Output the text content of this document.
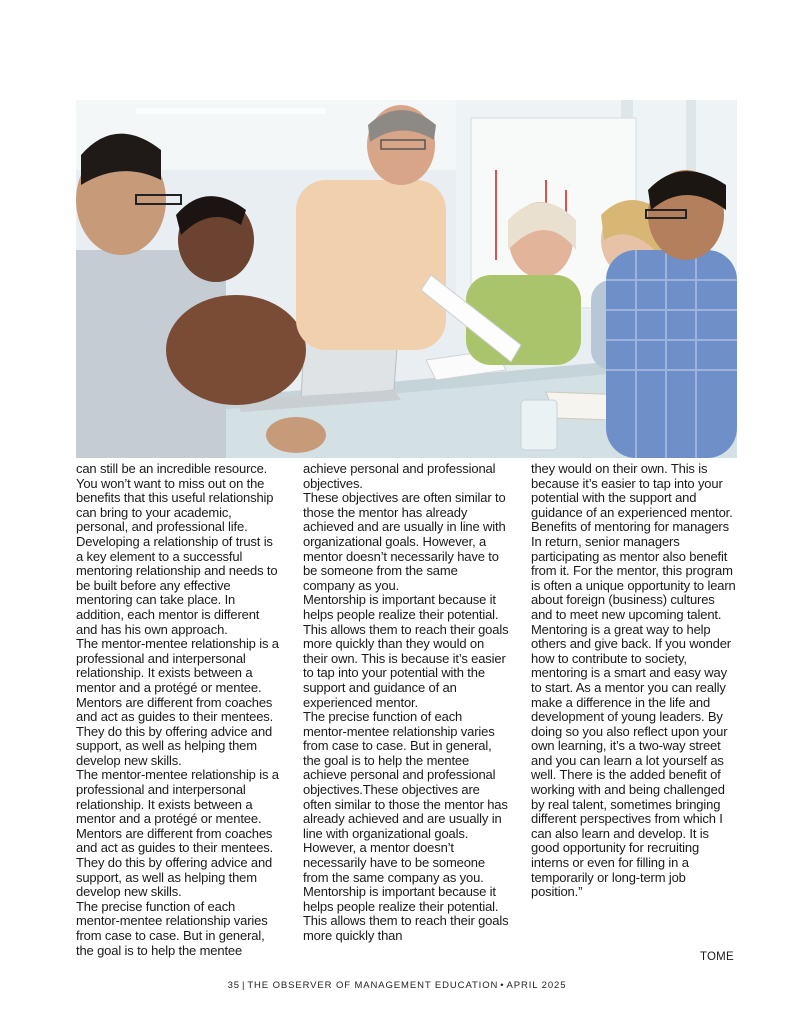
can still be an incredible resource. You won’t want to miss out on the benefits that this useful relationship can bring to your academic, personal, and professional life.
Developing a relationship of trust is a key element to a successful mentoring relationship and needs to be built before any effective mentoring can take place. In addition, each mentor is different and has his own approach.
The mentor-mentee relationship is a professional and interpersonal relationship. It exists between a mentor and a protégé or mentee. Mentors are different from coaches and act as guides to their mentees. They do this by offering advice and support, as well as helping them develop new skills.
The mentor-mentee relationship is a professional and interpersonal relationship. It exists between a mentor and a protégé or mentee. Mentors are different from coaches and act as guides to their mentees. They do this by offering advice and support, as well as helping them develop new skills.
The precise function of each mentor-mentee relationship varies from case to case. But in general, the goal is to help the mentee
achieve personal and professional objectives.
These objectives are often similar to those the mentor has already achieved and are usually in line with organizational goals. However, a mentor doesn’t necessarily have to be someone from the same company as you.
Mentorship is important because it helps people realize their potential. This allows them to reach their goals more quickly than they would on their own. This is because it’s easier to tap into your potential with the support and guidance of an experienced mentor.
The precise function of each mentor-mentee relationship varies from case to case. But in general, the goal is to help the mentee achieve personal and professional objectives.These objectives are often similar to those the mentor has already achieved and are usually in line with organizational goals. However, a mentor doesn’t necessarily have to be someone from the same company as you.
Mentorship is important because it helps people realize their potential. This allows them to reach their goals more quickly than
they would on their own. This is because it’s easier to tap into your potential with the support and guidance of an experienced mentor.
Benefits of mentoring for managers
In return, senior managers participating as mentor also benefit from it. For the mentor, this program is often a unique opportunity to learn about foreign (business) cultures and to meet new upcoming talent. Mentoring is a great way to help others and give back. If you wonder how to contribute to society, mentoring is a smart and easy way to start. As a mentor you can really make a difference in the life and development of young leaders. By doing so you also reflect upon your own learning, it’s a two-way street and you can learn a lot yourself as well. There is the added benefit of working with and being challenged by real talent, sometimes bringing different perspectives from which I can also learn and develop. It is good opportunity for recruiting interns or even for filling in a temporarily or long-term job position.”
TOME
35 | THE OBSERVER OF MANAGEMENT EDUCATION • APRIL 2025
